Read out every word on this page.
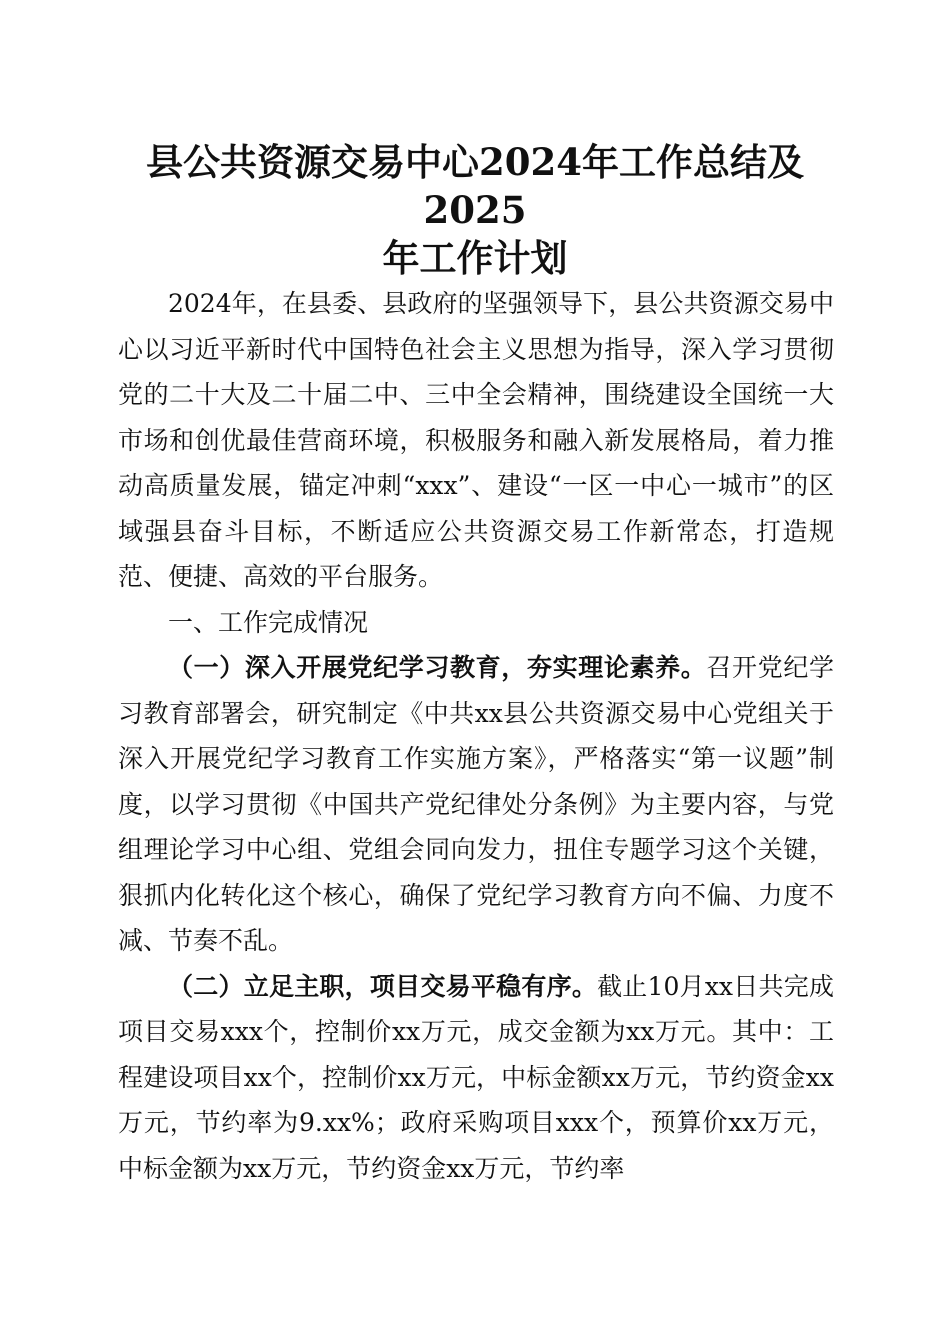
县公共资源交易中心2024年工作总结及2025
年工作计划

2024年，在县委、县政府的坚强领导下，县公共资源交易中心以习近平新时代中国特色社会主义思想为指导，深入学习贯彻党的二十大及二十届二中、三中全会精神，围绕建设全国统一大市场和创优最佳营商环境，积极服务和融入新发展格局，着力推动高质量发展，锚定冲刺“xxx”、建设“一区一中心一城市”的区域强县奋斗目标，不断适应公共资源交易工作新常态，打造规范、便捷、高效的平台服务。

一、工作完成情况

（一）深入开展党纪学习教育，夯实理论素养。召开党纪学习教育部署会，研究制定《中共xx县公共资源交易中心党组关于深入开展党纪学习教育工作实施方案》，严格落实“第一议题”制度，以学习贯彻《中国共产党纪律处分条例》为主要内容，与党组理论学习中心组、党组会同向发力，扭住专题学习这个关键，狠抓内化转化这个核心，确保了党纪学习教育方向不偏、力度不减、节奏不乱。

（二）立足主职，项目交易平稳有序。截止10月xx日共完成项目交易xxx个，控制价xx万元，成交金额为xx万元。其中：工程建设项目xx个，控制价xx万元，中标金额xx万元，节约资金xx万元，节约率为9.xx%；政府采购项目xxx个，预算价xx万元，中标金额为xx万元，节约资金xx万元，节约率
